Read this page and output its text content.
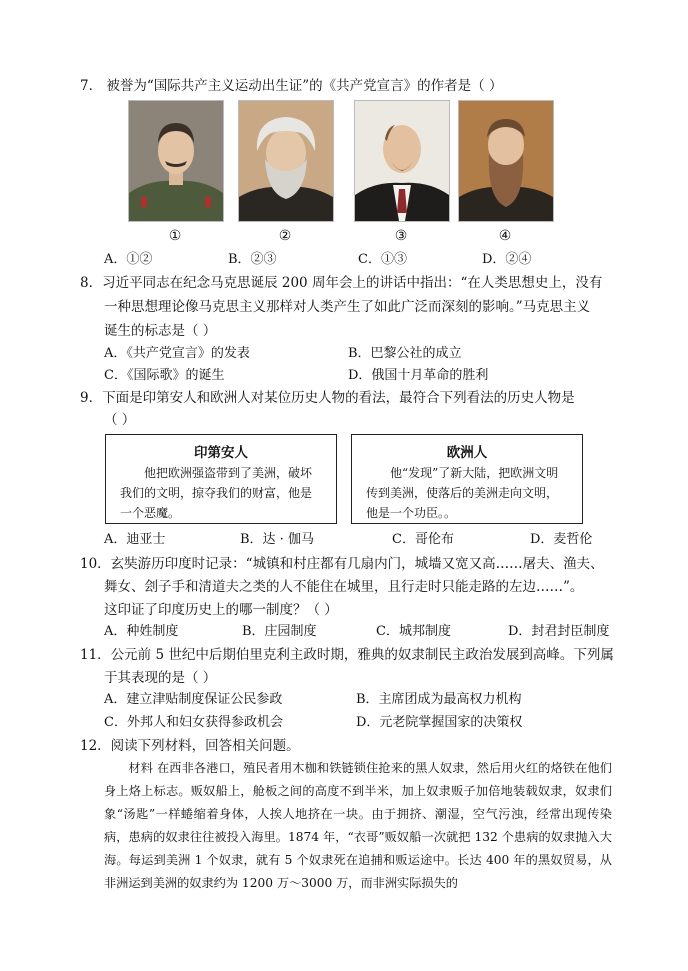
7． 被誉为“国际共产主义运动出生证”的《共产党宣言》的作者是（ ）
①	②	③	④
A．①②	B．②③	C．①③	D．②④
8．习近平同志在纪念马克思诞辰 200 周年会上的讲话中指出：“在人类思想史上，没有
一种思想理论像马克思主义那样对人类产生了如此广泛而深刻的影响。”马克思主义
诞生的标志是（ ）
A．《共产党宣言》的发表	B．巴黎公社的成立
C．《国际歌》的诞生	D．俄国十月革命的胜利
9．下面是印第安人和欧洲人对某位历史人物的看法，最符合下列看法的历史人物是
（ ）
印第安人
他把欧洲强盗带到了美洲，破坏我们的文明，掠夺我们的财富，他是一个恶魔。
欧洲人
他“发现”了新大陆，把欧洲文明传到美洲，使落后的美洲走向文明，他是一个功臣。。
A．迪亚士	B．达 · 伽马	C．哥伦布	D．麦哲伦
10．玄奘游历印度时记录：“城镇和村庄都有几扇内门，城墙又宽又高……屠夫、渔夫、
舞女、刽子手和清道夫之类的人不能住在城里，且行走时只能走路的左边……”。
这印证了印度历史上的哪一制度？（ ）
A．种姓制度	B．庄园制度	C．城邦制度	D．封君封臣制度
11．公元前 5 世纪中后期伯里克利主政时期，雅典的奴隶制民主政治发展到高峰。下列属
于其表现的是（ ）
A．建立津贴制度保证公民参政	B．主席团成为最高权力机构
C．外邦人和妇女获得参政机会	D．元老院掌握国家的决策权
12．阅读下列材料，回答相关问题。
材料 在西非各港口，殖民者用木枷和铁链锁住抢来的黑人奴隶，然后用火红的烙铁在他们身上烙上标志。贩奴船上，舱板之间的高度不到半米，加上奴隶贩子加倍地装载奴隶，奴隶们象“汤匙”一样蜷缩着身体，人挨人地挤在一块。由于拥挤、潮湿，空气污浊，经常出现传染病，患病的奴隶往往被投入海里。1874 年，“衣哥”贩奴船一次就把 132 个患病的奴隶抛入大海。每运到美洲 1 个奴隶，就有 5 个奴隶死在追捕和贩运途中。长达 400 年的黑奴贸易，从非洲运到美洲的奴隶约为 1200 万～3000 万，而非洲实际损失的
